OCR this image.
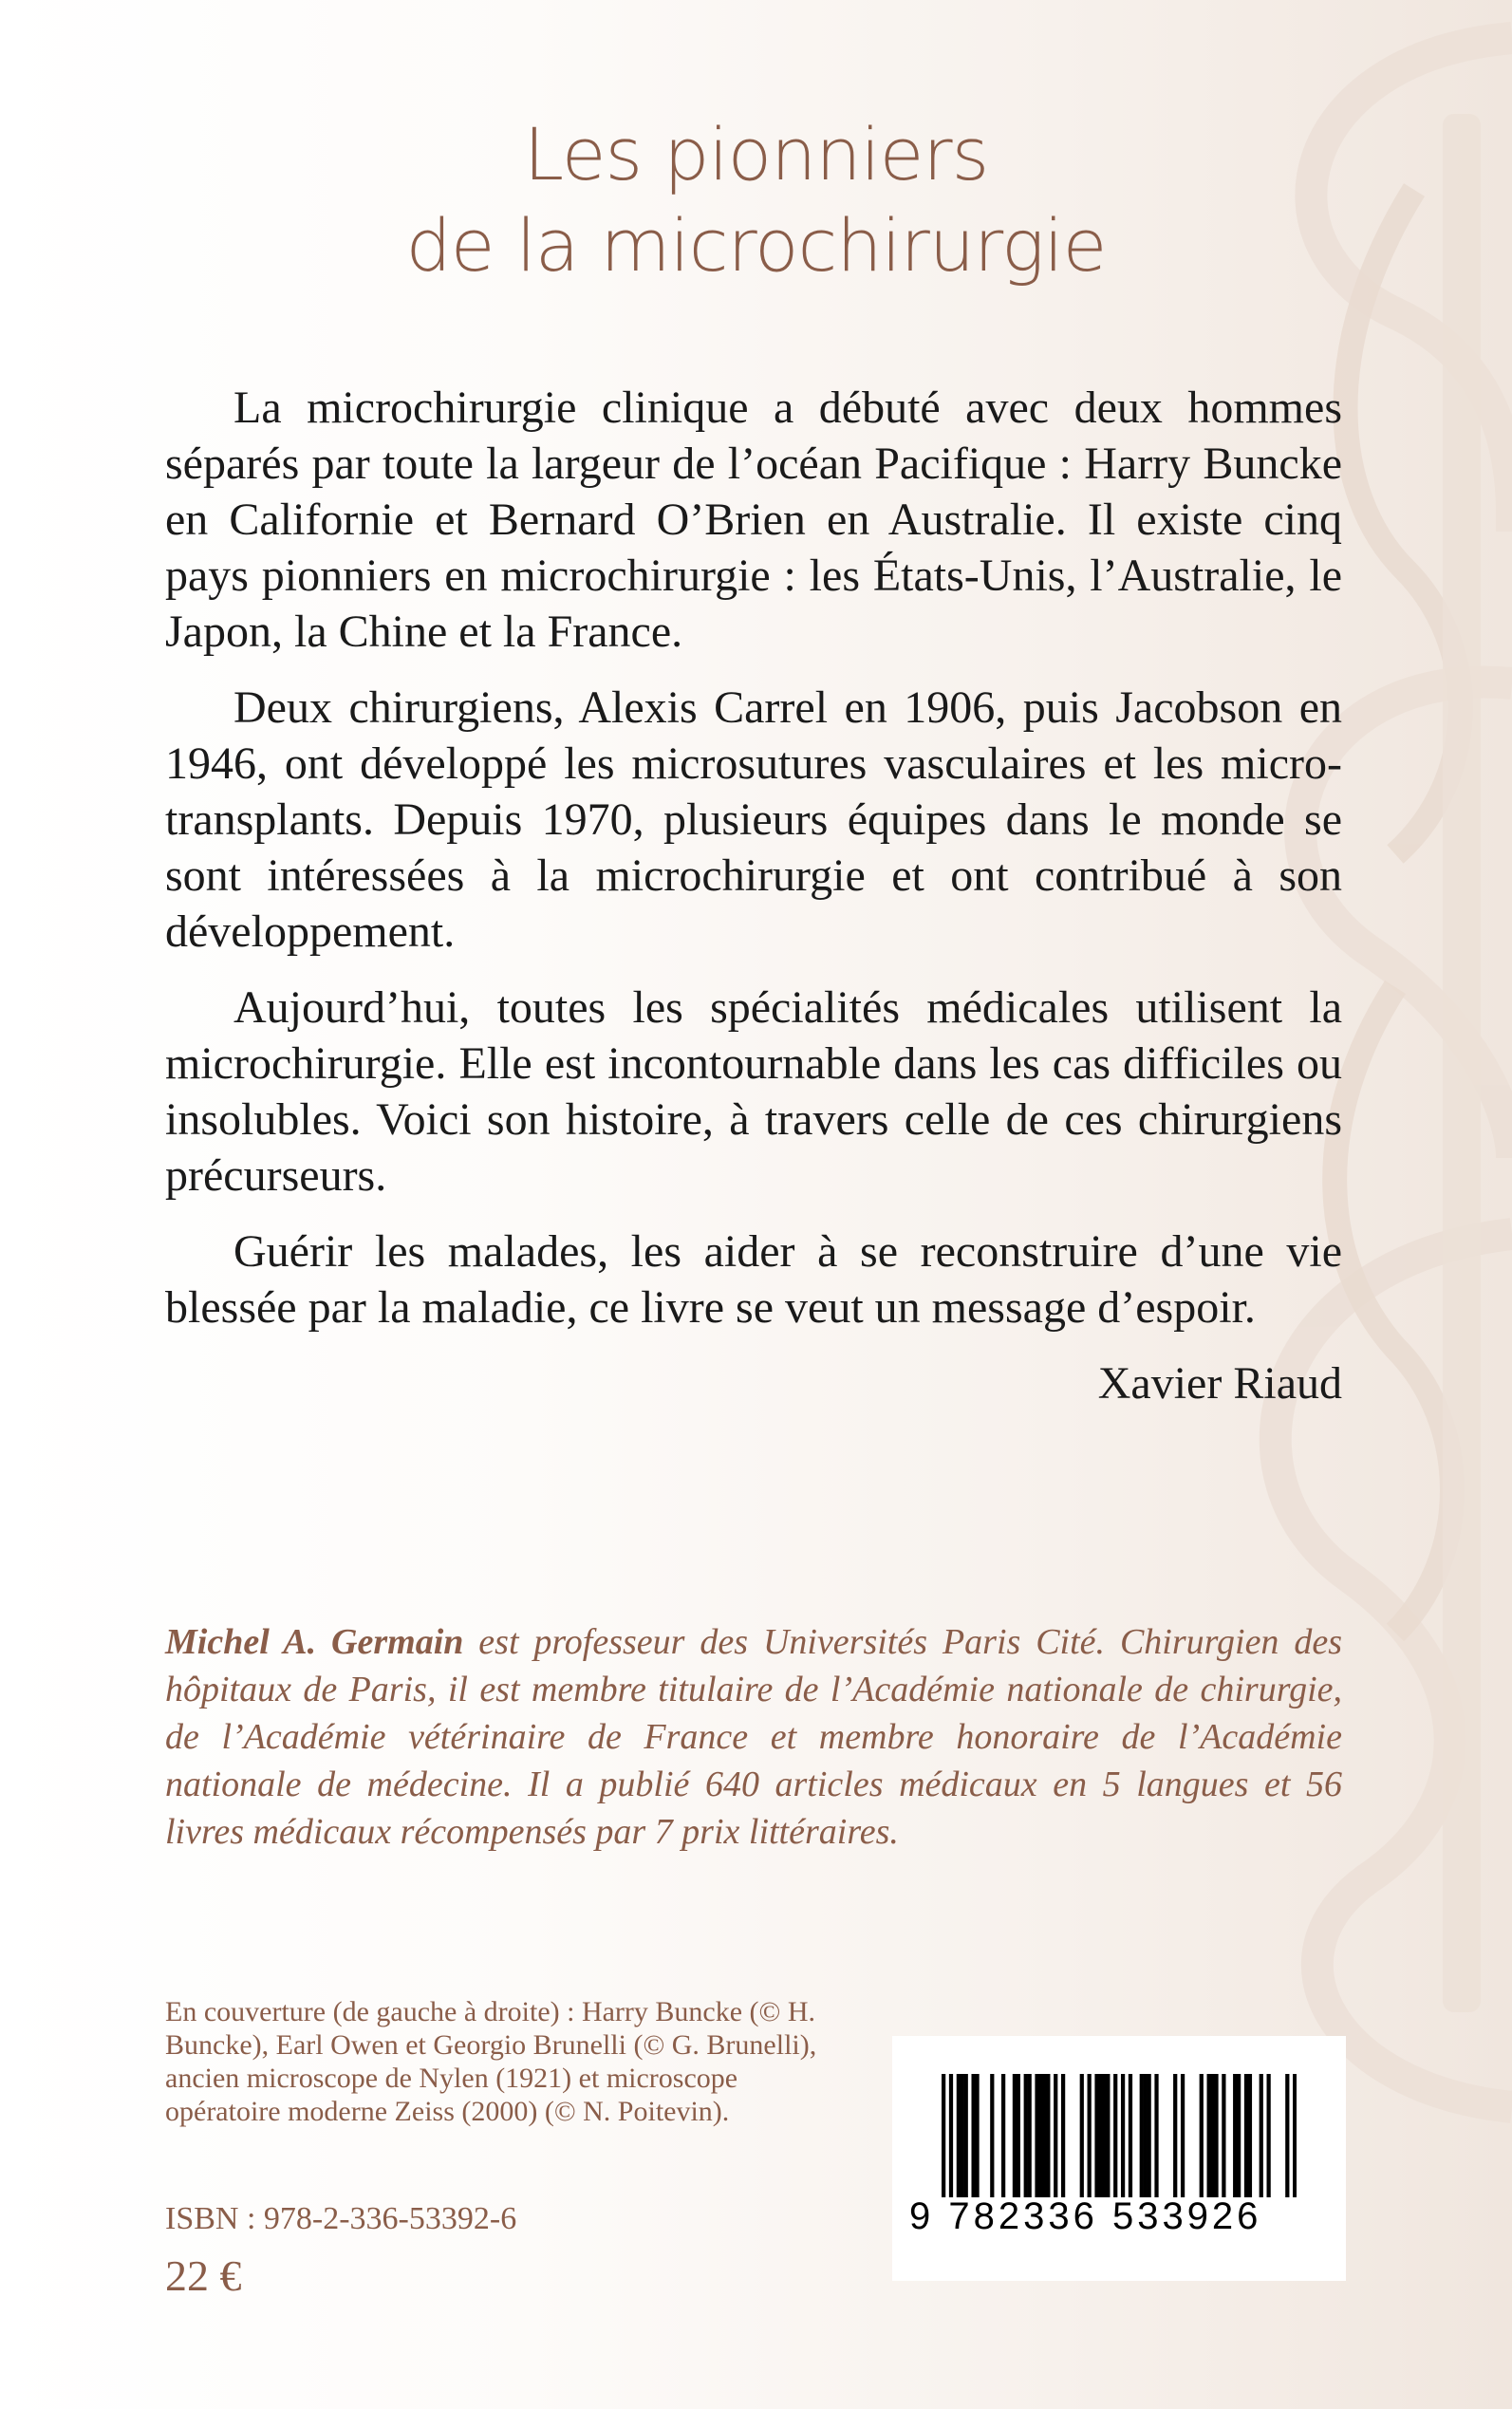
Les pionniers
de la microchirurgie

La microchirurgie clinique a débuté avec deux hommes séparés par toute la largeur de l’océan Pacifique : Harry Buncke en Californie et Bernard O’Brien en Australie. Il existe cinq pays pionniers en microchirurgie : les États-Unis, l’Australie, le Japon, la Chine et la France.

Deux chirurgiens, Alexis Carrel en 1906, puis Jacobson en 1946, ont développé les microsutures vasculaires et les micro-transplants. Depuis 1970, plusieurs équipes dans le monde se sont intéressées à la microchirurgie et ont contribué à son développement.

Aujourd’hui, toutes les spécialités médicales utilisent la microchirurgie. Elle est incontournable dans les cas difficiles ou insolubles. Voici son histoire, à travers celle de ces chirurgiens précurseurs.

Guérir les malades, les aider à se reconstruire d’une vie blessée par la maladie, ce livre se veut un message d’espoir.

Xavier Riaud

Michel A. Germain est professeur des Universités Paris Cité. Chirurgien des hôpitaux de Paris, il est membre titulaire de l’Académie nationale de chirurgie, de l’Académie vétérinaire de France et membre honoraire de l’Académie nationale de médecine. Il a publié 640 articles médicaux en 5 langues et 56 livres médicaux récompensés par 7 prix littéraires.

En couverture (de gauche à droite) : Harry Buncke (© H. Buncke), Earl Owen et Georgio Brunelli (© G. Brunelli), ancien microscope de Nylen (1921) et microscope opératoire moderne Zeiss (2000) (© N. Poitevin).

ISBN : 978-2-336-53392-6
22 €
9 782336 533926
